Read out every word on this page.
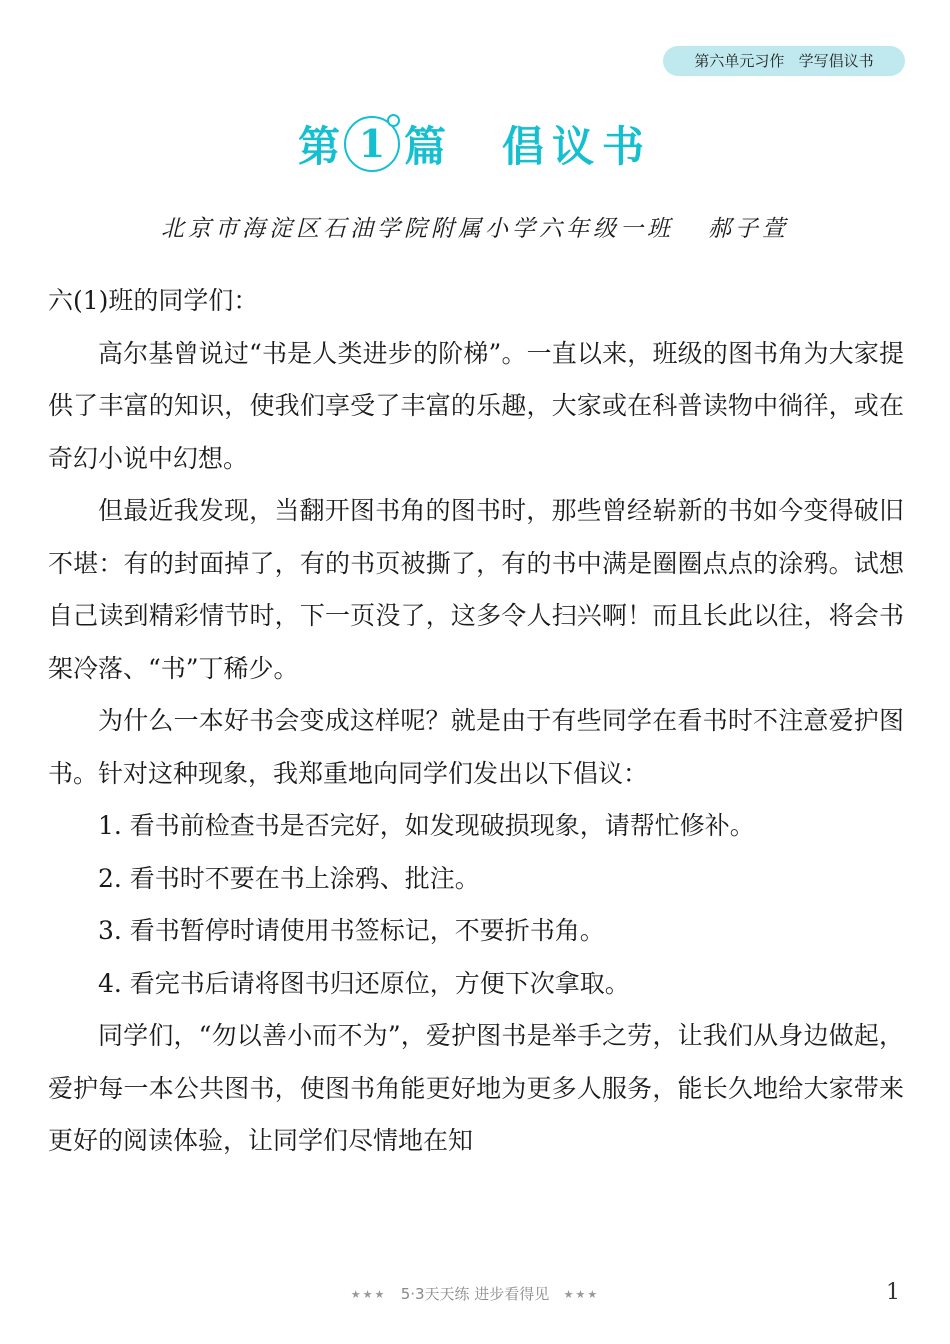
第六单元习作   学写倡议书
第 1 篇 倡议书
北京市海淀区石油学院附属小学六年级一班   郝子萱

六(1)班的同学们：

高尔基曾说过“书是人类进步的阶梯”。一直以来，班级的图书角为大家提供了丰富的知识，使我们享受了丰富的乐趣，大家或在科普读物中徜徉，或在奇幻小说中幻想。

但最近我发现，当翻开图书角的图书时，那些曾经崭新的书如今变得破旧不堪：有的封面掉了，有的书页被撕了，有的书中满是圈圈点点的涂鸦。试想自己读到精彩情节时，下一页没了，这多令人扫兴啊！而且长此以往，将会书架冷落、“书”丁稀少。

为什么一本好书会变成这样呢？就是由于有些同学在看书时不注意爱护图书。针对这种现象，我郑重地向同学们发出以下倡议：

1. 看书前检查书是否完好，如发现破损现象，请帮忙修补。

2. 看书时不要在书上涂鸦、批注。

3. 看书暂停时请使用书签标记，不要折书角。

4. 看完书后请将图书归还原位，方便下次拿取。

同学们，“勿以善小而不为”，爱护图书是举手之劳，让我们从身边做起，爱护每一本公共图书，使图书角能更好地为更多人服务，能长久地给大家带来更好的阅读体验，让同学们尽情地在知

★★★ 5·3天天练 进步看得见 ★★★	1
